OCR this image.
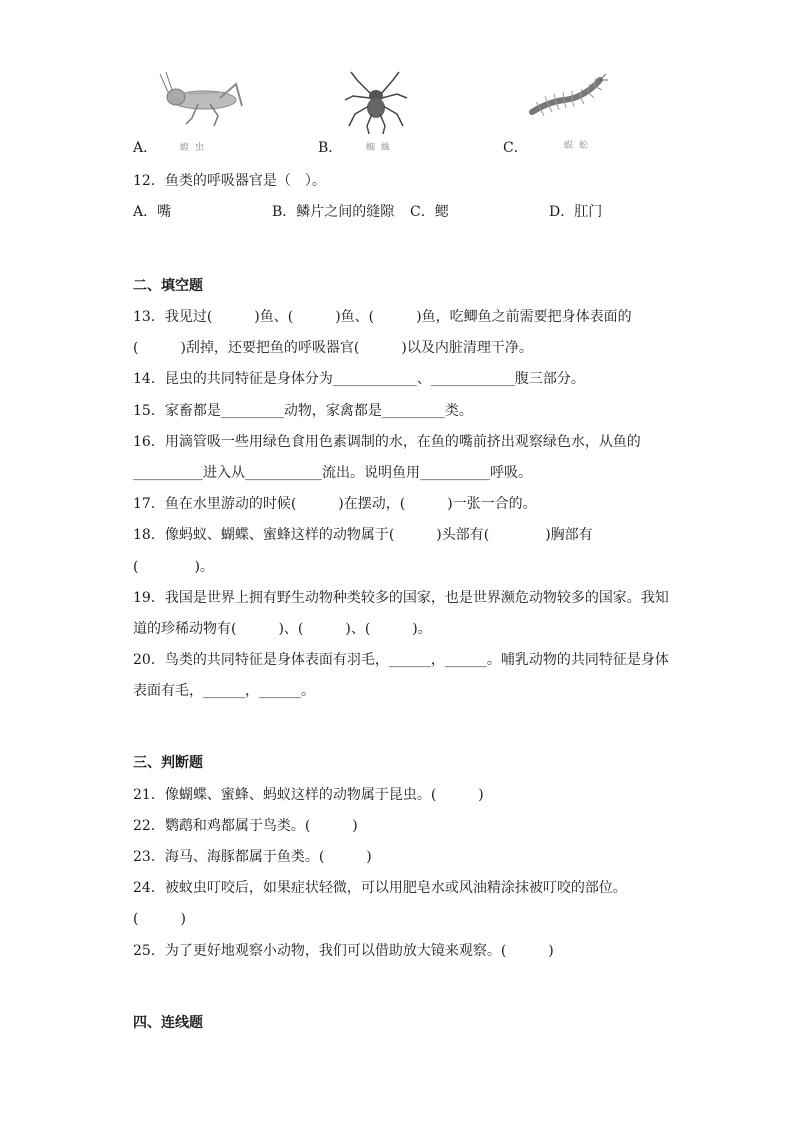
蝗虫	蜘蛛	蜈蚣
A．	B．	C．
12．鱼类的呼吸器官是（　）。
A．嘴	B．鳞片之间的缝隙 C．鳃	D．肛门
二、填空题
13．我见过(　　　)鱼、(　　　)鱼、(　　　)鱼，吃鲫鱼之前需要把身体表面的
(　　　)刮掉，还要把鱼的呼吸器官(　　　)以及内脏清理干净。
14．昆虫的共同特征是身体分为____________、____________腹三部分。
15．家畜都是_________动物，家禽都是_________类。
16．用滴管吸一些用绿色食用色素调制的水，在鱼的嘴前挤出观察绿色水，从鱼的
__________进入从___________流出。说明鱼用__________呼吸。
17．鱼在水里游动的时候(　　　)在摆动，(　　　)一张一合的。
18．像蚂蚁、蝴蝶、蜜蜂这样的动物属于(　　　)头部有(　　　　)胸部有
(　　　　)。
19．我国是世界上拥有野生动物种类较多的国家，也是世界濒危动物较多的国家。我知
道的珍稀动物有(　　　)、(　　　)、(　　　)。
20．鸟类的共同特征是身体表面有羽毛，______，______。哺乳动物的共同特征是身体
表面有毛，______，______。
三、判断题
21．像蝴蝶、蜜蜂、蚂蚁这样的动物属于昆虫。(　　　)
22．鹦鹉和鸡都属于鸟类。(　　　)
23．海马、海豚都属于鱼类。(　　　)
24．被蚊虫叮咬后，如果症状轻微，可以用肥皂水或风油精涂抹被叮咬的部位。
(　　　)
25．为了更好地观察小动物，我们可以借助放大镜来观察。(　　　)
四、连线题
